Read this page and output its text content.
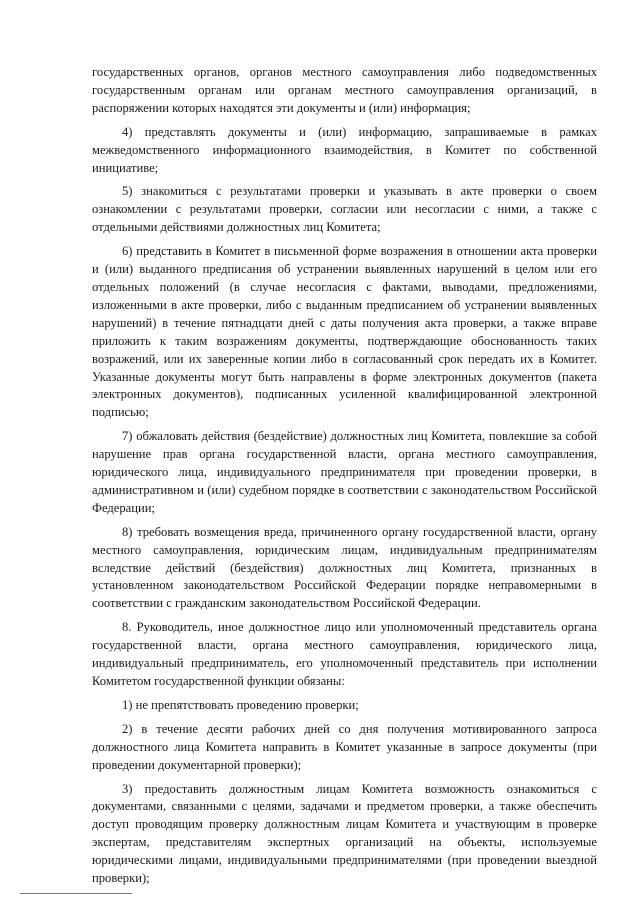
государственных органов, органов местного самоуправления либо подведомственных государственным органам или органам местного самоуправления организаций, в распоряжении которых находятся эти документы и (или) информация;

4) представлять документы и (или) информацию, запрашиваемые в рамках межведомственного информационного взаимодействия, в Комитет по собственной инициативе;

5) знакомиться с результатами проверки и указывать в акте проверки о своем ознакомлении с результатами проверки, согласии или несогласии с ними, а также с отдельными действиями должностных лиц Комитета;

6) представить в Комитет в письменной форме возражения в отношении акта проверки и (или) выданного предписания об устранении выявленных нарушений в целом или его отдельных положений (в случае несогласия с фактами, выводами, предложениями, изложенными в акте проверки, либо с выданным предписанием об устранении выявленных нарушений) в течение пятнадцати дней с даты получения акта проверки, а также вправе приложить к таким возражениям документы, подтверждающие обоснованность таких возражений, или их заверенные копии либо в согласованный срок передать их в Комитет. Указанные документы могут быть направлены в форме электронных документов (пакета электронных документов), подписанных усиленной квалифицированной электронной подписью;

7) обжаловать действия (бездействие) должностных лиц Комитета, повлекшие за собой нарушение прав органа государственной власти, органа местного самоуправления, юридического лица, индивидуального предпринимателя при проведении проверки, в административном и (или) судебном порядке в соответствии с законодательством Российской Федерации;

8) требовать возмещения вреда, причиненного органу государственной власти, органу местного самоуправления, юридическим лицам, индивидуальным предпринимателям вследствие действий (бездействия) должностных лиц Комитета, признанных в установленном законодательством Российской Федерации порядке неправомерными в соответствии с гражданским законодательством Российской Федерации.

8. Руководитель, иное должностное лицо или уполномоченный представитель органа государственной власти, органа местного самоуправления, юридического лица, индивидуальный предприниматель, его уполномоченный представитель при исполнении Комитетом государственной функции обязаны:

1) не препятствовать проведению проверки;

2) в течение десяти рабочих дней со дня получения мотивированного запроса должностного лица Комитета направить в Комитет указанные в запросе документы (при проведении документарной проверки);

3) предоставить должностным лицам Комитета возможность ознакомиться с документами, связанными с целями, задачами и предметом проверки, а также обеспечить доступ проводящим проверку должностным лицам Комитета и участвующим в проверке экспертам, представителям экспертных организаций на объекты, используемые юридическими лицами, индивидуальными предпринимателями (при проведении выездной проверки);
